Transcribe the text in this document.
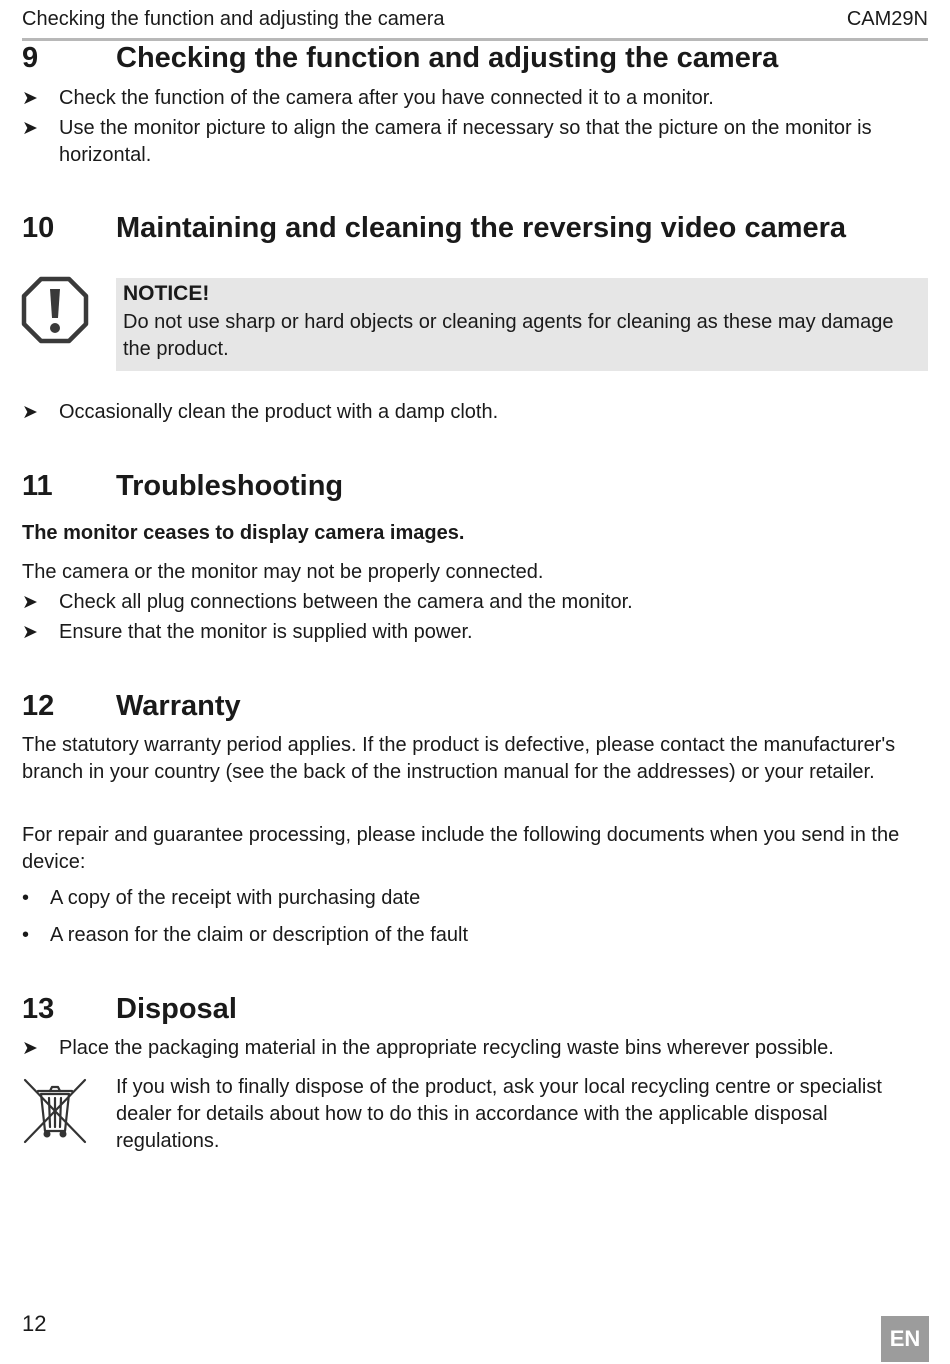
Checking the function and adjusting the camera	CAM29N
9	Checking the function and adjusting the camera
➤ Check the function of the camera after you have connected it to a monitor.
➤ Use the monitor picture to align the camera if necessary so that the picture on the monitor is horizontal.
10 Maintaining and cleaning the reversing video camera
NOTICE!
Do not use sharp or hard objects or cleaning agents for cleaning as these may damage the product.
➤ Occasionally clean the product with a damp cloth.
11 Troubleshooting
The monitor ceases to display camera images.
The camera or the monitor may not be properly connected.
➤ Check all plug connections between the camera and the monitor.
➤ Ensure that the monitor is supplied with power.
12 Warranty
The statutory warranty period applies. If the product is defective, please contact the manufacturer's branch in your country (see the back of the instruction manual for the addresses) or your retailer.
For repair and guarantee processing, please include the following documents when you send in the device:
• A copy of the receipt with purchasing date
• A reason for the claim or description of the fault
13 Disposal
➤ Place the packaging material in the appropriate recycling waste bins wherever possible.
If you wish to finally dispose of the product, ask your local recycling centre or specialist dealer for details about how to do this in accordance with the applicable disposal regulations.
12
EN
